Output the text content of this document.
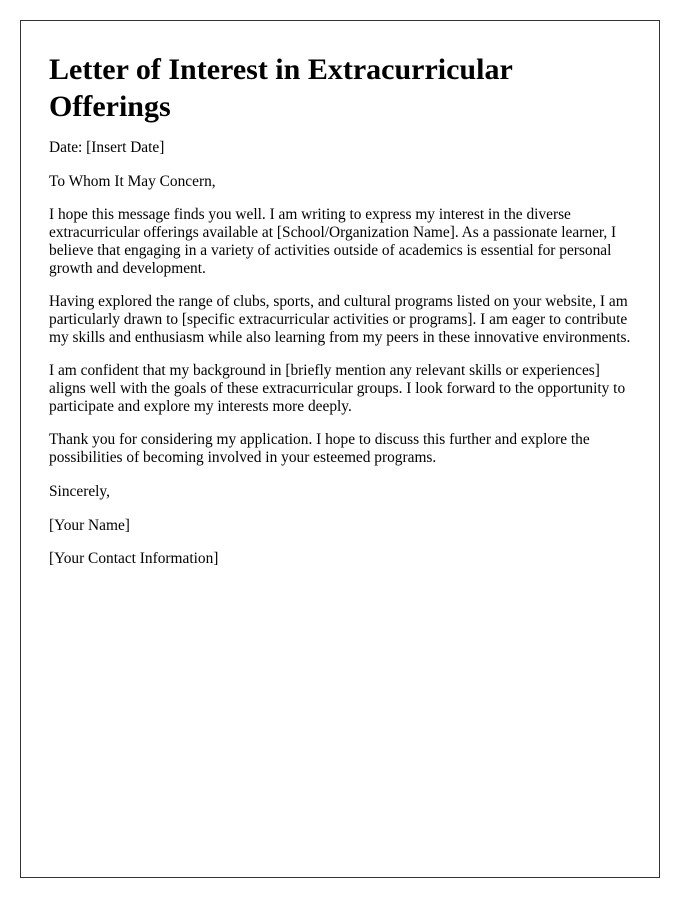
Letter of Interest in Extracurricular Offerings

Date: [Insert Date]

To Whom It May Concern,

I hope this message finds you well. I am writing to express my interest in the diverse extracurricular offerings available at [School/Organization Name]. As a passionate learner, I believe that engaging in a variety of activities outside of academics is essential for personal growth and development.

Having explored the range of clubs, sports, and cultural programs listed on your website, I am particularly drawn to [specific extracurricular activities or programs]. I am eager to contribute my skills and enthusiasm while also learning from my peers in these innovative environments.

I am confident that my background in [briefly mention any relevant skills or experiences] aligns well with the goals of these extracurricular groups. I look forward to the opportunity to participate and explore my interests more deeply.

Thank you for considering my application. I hope to discuss this further and explore the possibilities of becoming involved in your esteemed programs.

Sincerely,

[Your Name]

[Your Contact Information]
